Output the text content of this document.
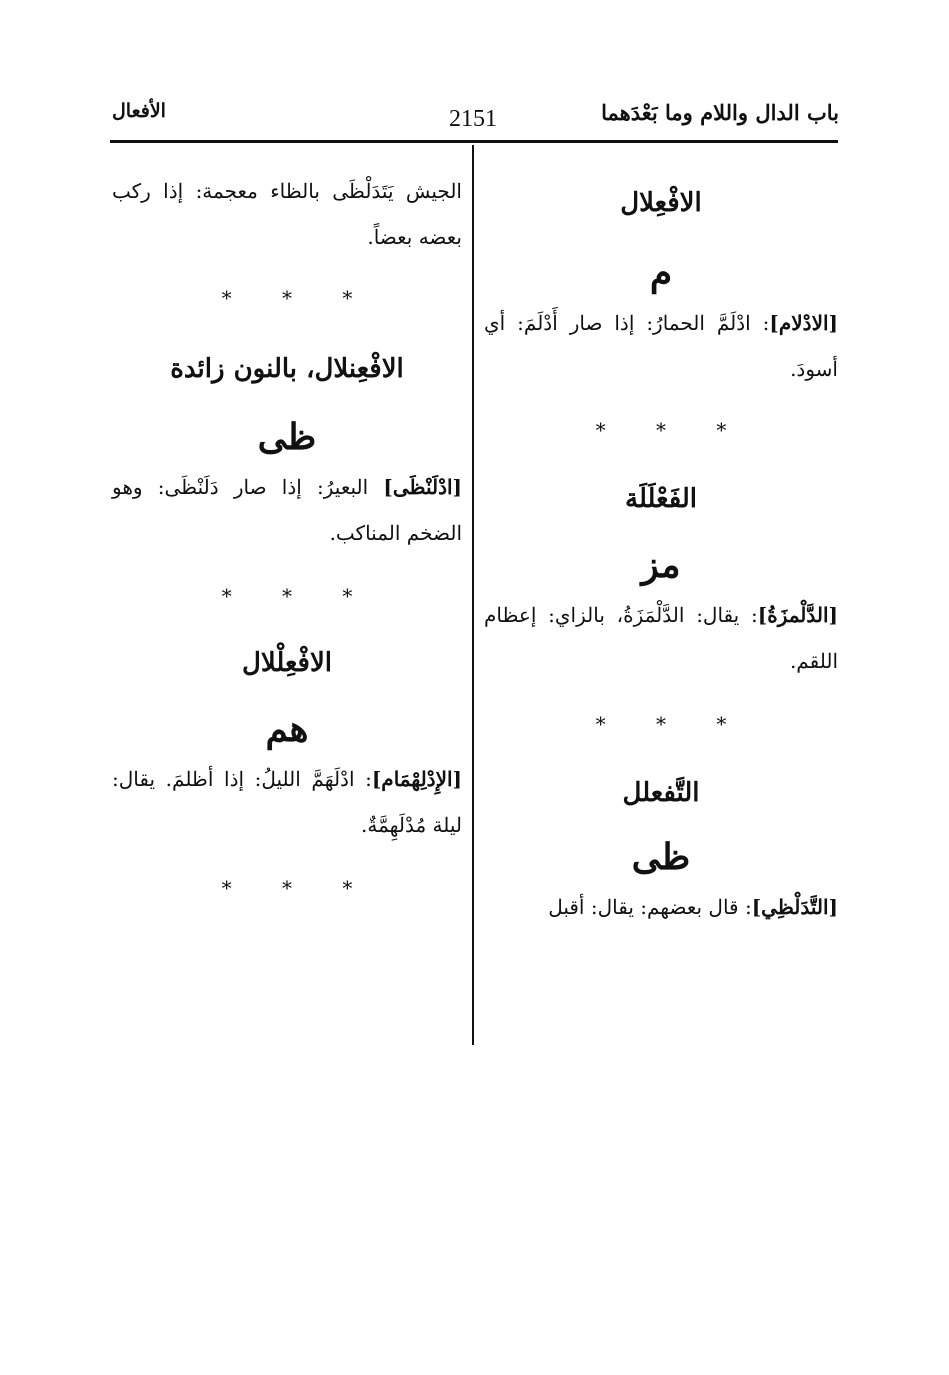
باب الدال واللام وما بَعْدَهما
2151
الأفعال

الافْعِلال

م

[الادْلام]: ادْلَمَّ الحمارُ: إذا صار أَدْلَمَ: أي أسودَ.

* * *

الفَعْلَلَة

مز

[الدَّلْمزَةُ]: يقال: الدَّلْمَزَةُ، بالزاي: إعظام اللقم.

* * *

التَّفعلل

ظى

[التَّدَلْظِي]: قال بعضهم: يقال: أقبل

الجيش يَتَدَلْظَى بالظاء معجمة: إذا ركب بعضه بعضاً.

* * *

الافْعِنلال، بالنون زائدة

ظى

[ادْلَنْظَى] البعيرُ: إذا صار دَلَنْظَى: وهو الضخم المناكب.

* * *

الافْعِلْلال

هم

[الإِدْلِهْمَام]: ادْلَهَمَّ الليلُ: إذا أظلمَ. يقال: ليلة مُدْلَهِمَّةٌ.

* * *
